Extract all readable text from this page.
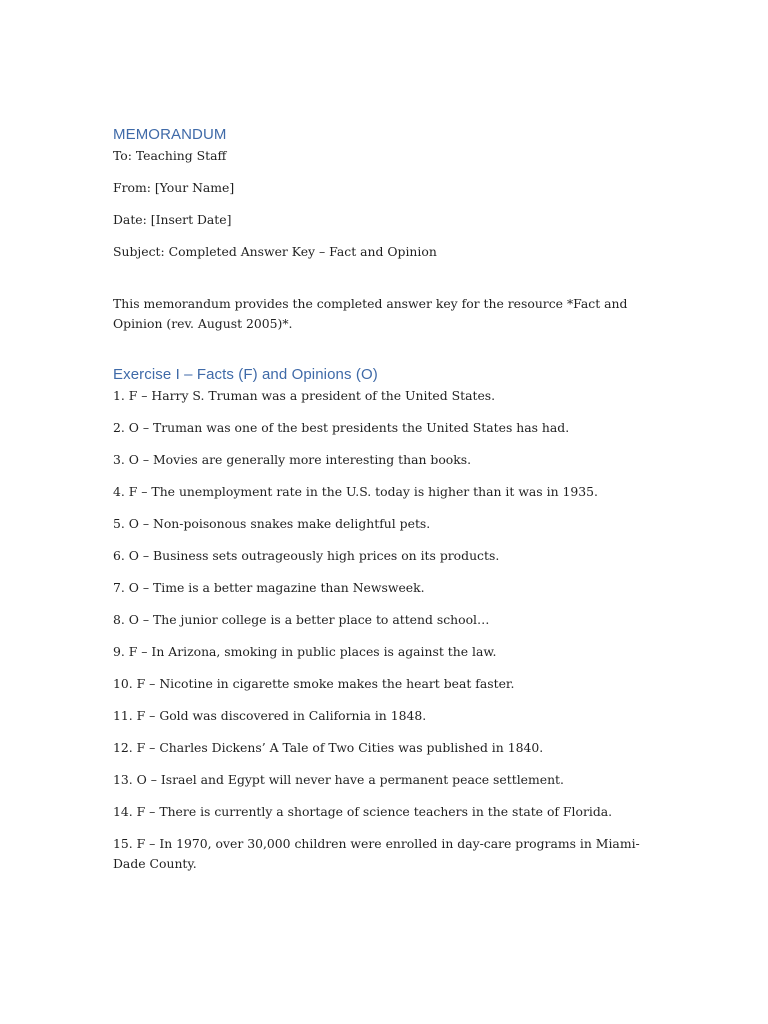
MEMORANDUM

To: Teaching Staff

From: [Your Name]

Date: [Insert Date]

Subject: Completed Answer Key – Fact and Opinion

This memorandum provides the completed answer key for the resource *Fact and Opinion (rev. August 2005)*.

Exercise I – Facts (F) and Opinions (O)

1. F – Harry S. Truman was a president of the United States.

2. O – Truman was one of the best presidents the United States has had.

3. O – Movies are generally more interesting than books.

4. F – The unemployment rate in the U.S. today is higher than it was in 1935.

5. O – Non-poisonous snakes make delightful pets.

6. O – Business sets outrageously high prices on its products.

7. O – Time is a better magazine than Newsweek.

8. O – The junior college is a better place to attend school…

9. F – In Arizona, smoking in public places is against the law.

10. F – Nicotine in cigarette smoke makes the heart beat faster.

11. F – Gold was discovered in California in 1848.

12. F – Charles Dickens’ A Tale of Two Cities was published in 1840.

13. O – Israel and Egypt will never have a permanent peace settlement.

14. F – There is currently a shortage of science teachers in the state of Florida.

15. F – In 1970, over 30,000 children were enrolled in day-care programs in Miami-Dade County.
